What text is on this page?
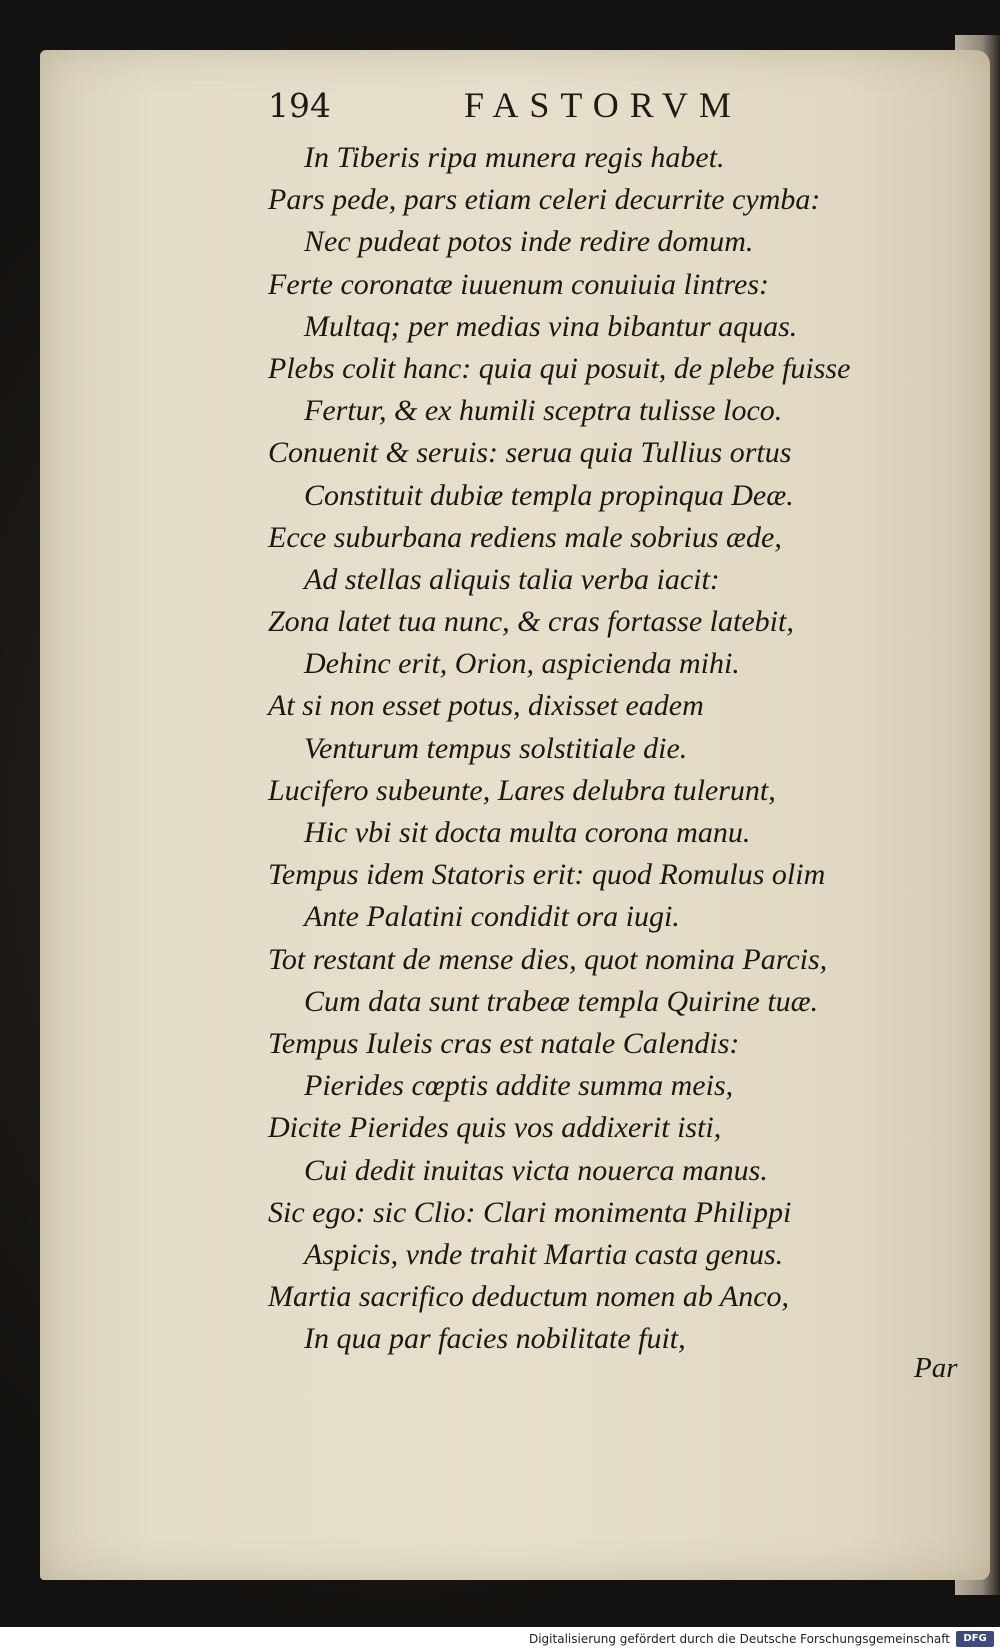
194	FASTORVM
In Tiberis ripa munera regis habet.
Pars pede, pars etiam celeri decurrite cymba:
Nec pudeat potos inde redire domum.
Ferte coronatæ iuuenum conuiuia lintres:
Multaq; per medias vina bibantur aquas.
Plebs colit hanc: quia qui posuit, de plebe fuisse
Fertur, & ex humili sceptra tulisse loco.
Conuenit & seruis: serua quia Tullius ortus
Constituit dubiæ templa propinqua Deæ.
Ecce suburbana rediens male sobrius æde,
Ad stellas aliquis talia verba iacit:
Zona latet tua nunc, & cras fortasse latebit,
Dehinc erit, Orion, aspicienda mihi.
At si non esset potus, dixisset eadem
Venturum tempus solstitiale die.
Lucifero subeunte, Lares delubra tulerunt,
Hic vbi sit docta multa corona manu.
Tempus idem Statoris erit: quod Romulus olim
Ante Palatini condidit ora iugi.
Tot restant de mense dies, quot nomina Parcis,
Cum data sunt trabeæ templa Quirine tuæ.
Tempus Iuleis cras est natale Calendis:
Pierides cœptis addite summa meis,
Dicite Pierides quis vos addixerit isti,
Cui dedit inuitas victa nouerca manus.
Sic ego: sic Clio: Clari monimenta Philippi
Aspicis, vnde trahit Martia casta genus.
Martia sacrifico deductum nomen ab Anco,
In qua par facies nobilitate fuit,
Par
Digitalisierung gefördert durch die Deutsche Forschungsgemeinschaft	DFG
